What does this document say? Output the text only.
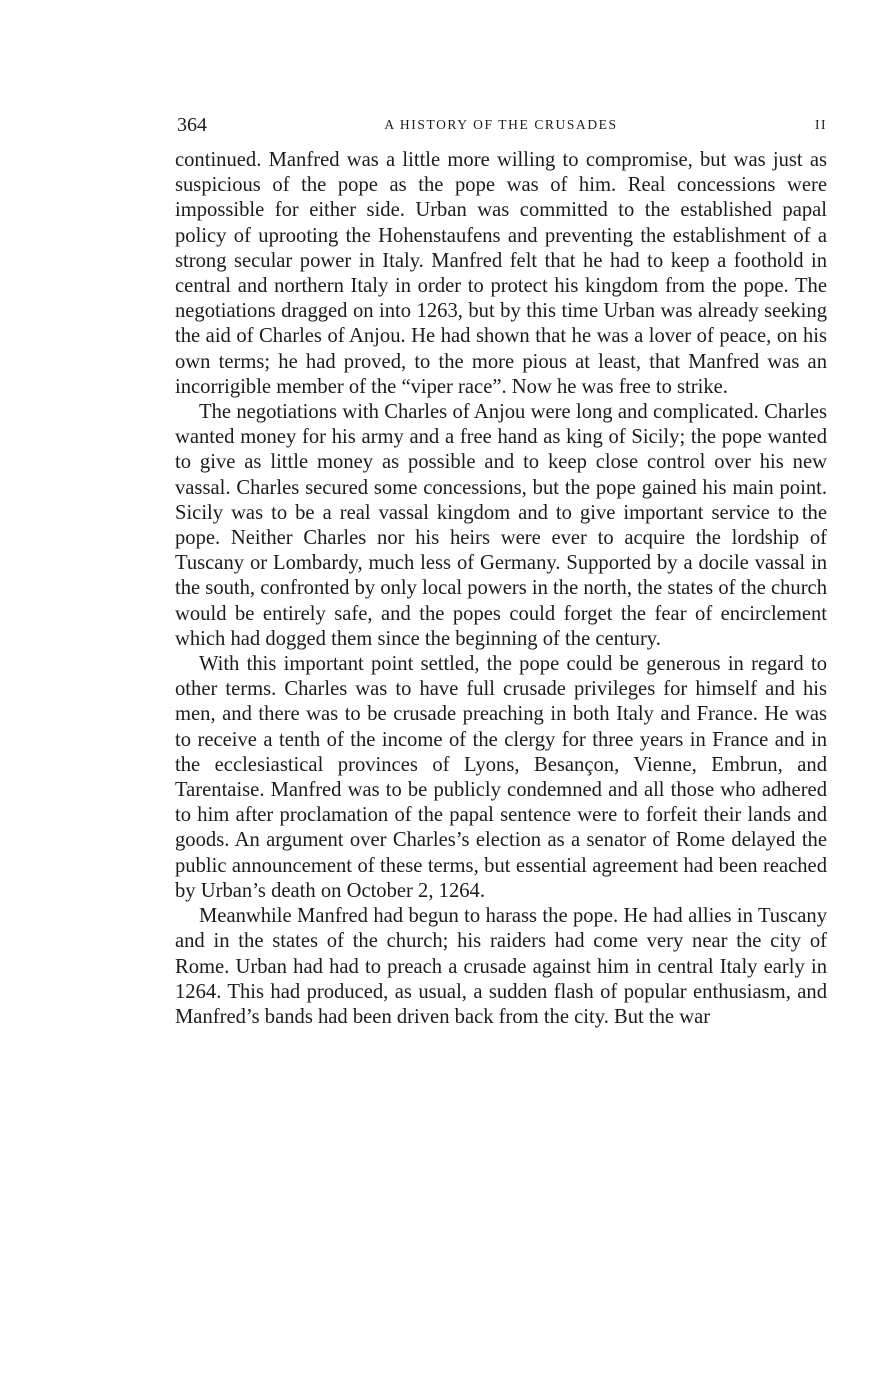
364	A HISTORY OF THE CRUSADES	II

continued. Manfred was a little more willing to compromise, but was just as suspicious of the pope as the pope was of him. Real concessions were impossible for either side. Urban was committed to the established papal policy of uprooting the Hohenstaufens and preventing the establishment of a strong secular power in Italy. Manfred felt that he had to keep a foothold in central and northern Italy in order to protect his kingdom from the pope. The negotiations dragged on into 1263, but by this time Urban was already seeking the aid of Charles of Anjou. He had shown that he was a lover of peace, on his own terms; he had proved, to the more pious at least, that Manfred was an incorrigible member of the “viper race”. Now he was free to strike.

The negotiations with Charles of Anjou were long and complicated. Charles wanted money for his army and a free hand as king of Sicily; the pope wanted to give as little money as possible and to keep close control over his new vassal. Charles secured some concessions, but the pope gained his main point. Sicily was to be a real vassal kingdom and to give important service to the pope. Neither Charles nor his heirs were ever to acquire the lordship of Tuscany or Lombardy, much less of Germany. Supported by a docile vassal in the south, confronted by only local powers in the north, the states of the church would be entirely safe, and the popes could forget the fear of encirclement which had dogged them since the beginning of the century.

With this important point settled, the pope could be generous in regard to other terms. Charles was to have full crusade privileges for himself and his men, and there was to be crusade preaching in both Italy and France. He was to receive a tenth of the income of the clergy for three years in France and in the ecclesiastical provinces of Lyons, Besançon, Vienne, Embrun, and Tarentaise. Manfred was to be publicly condemned and all those who adhered to him after proclamation of the papal sentence were to forfeit their lands and goods. An argument over Charles’s election as a senator of Rome delayed the public announcement of these terms, but essential agreement had been reached by Urban’s death on October 2, 1264.

Meanwhile Manfred had begun to harass the pope. He had allies in Tuscany and in the states of the church; his raiders had come very near the city of Rome. Urban had had to preach a crusade against him in central Italy early in 1264. This had produced, as usual, a sudden flash of popular enthusiasm, and Manfred’s bands had been driven back from the city. But the war
